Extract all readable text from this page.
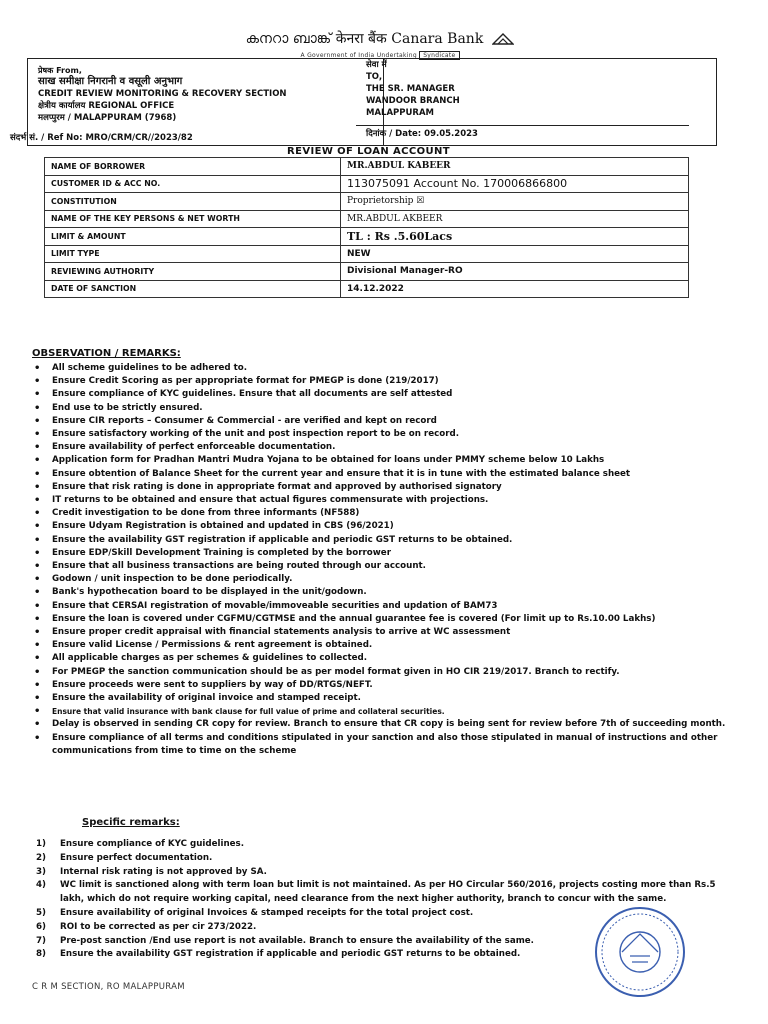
കനറാ ബാങ്ക് केनरा बैंक Canara Bank
A Government of India Undertaking Syndicate
प्रेषक From,
साख समीक्षा निगरानी व वसूली अनुभाग
CREDIT REVIEW MONITORING & RECOVERY SECTION
क्षेत्रीय कार्यालय REGIONAL OFFICE
मलप्पुरम / MALAPPURAM (7968)
संदर्भ सं. / Ref No: MRO/CRM/CR//2023/82
सेवा में
TO,
THE SR. MANAGER
WANDOOR BRANCH
MALAPPURAM
दिनांक / Date: 09.05.2023
REVIEW OF LOAN ACCOUNT
NAME OF BORROWER	MR.ABDUL KABEER
CUSTOMER ID & ACC NO.	113075091 Account No. 170006866800
CONSTITUTION	Proprietorship ☒
NAME OF THE KEY PERSONS & NET WORTH	MR.ABDUL AKBEER
LIMIT & AMOUNT	TL : Rs .5.60Lacs
LIMIT TYPE	NEW
REVIEWING AUTHORITY	Divisional Manager-RO
DATE OF SANCTION	14.12.2022
OBSERVATION / REMARKS:
• All scheme guidelines to be adhered to.
• Ensure Credit Scoring as per appropriate format for PMEGP is done (219/2017)
• Ensure compliance of KYC guidelines. Ensure that all documents are self attested
• End use to be strictly ensured.
• Ensure CIR reports – Consumer & Commercial - are verified and kept on record
• Ensure satisfactory working of the unit and post inspection report to be on record.
• Ensure availability of perfect enforceable documentation.
• Application form for Pradhan Mantri Mudra Yojana to be obtained for loans under PMMY scheme below 10 Lakhs
• Ensure obtention of Balance Sheet for the current year and ensure that it is in tune with the estimated balance sheet
• Ensure that risk rating is done in appropriate format and approved by authorised signatory
• IT returns to be obtained and ensure that actual figures commensurate with projections.
• Credit investigation to be done from three informants (NF588)
• Ensure Udyam Registration is obtained and updated in CBS (96/2021)
• Ensure the availability GST registration if applicable and periodic GST returns to be obtained.
• Ensure EDP/Skill Development Training is completed by the borrower
• Ensure that all business transactions are being routed through our account.
• Godown / unit inspection to be done periodically.
• Bank's hypothecation board to be displayed in the unit/godown.
• Ensure that CERSAI registration of movable/immoveable securities and updation of BAM73
• Ensure the loan is covered under CGFMU/CGTMSE and the annual guarantee fee is covered (For limit up to Rs.10.00 Lakhs)
• Ensure proper credit appraisal with financial statements analysis to arrive at WC assessment
• Ensure valid License / Permissions & rent agreement is obtained.
• All applicable charges as per schemes & guidelines to collected.
• For PMEGP the sanction communication should be as per model format given in HO CIR 219/2017. Branch to rectify.
• Ensure proceeds were sent to suppliers by way of DD/RTGS/NEFT.
• Ensure the availability of original invoice and stamped receipt.
• Ensure that valid insurance with bank clause for full value of prime and collateral securities.
• Delay is observed in sending CR copy for review. Branch to ensure that CR copy is being sent for review before 7th of succeeding month.
• Ensure compliance of all terms and conditions stipulated in your sanction and also those stipulated in manual of instructions and other communications from time to time on the scheme
Specific remarks:
1) Ensure compliance of KYC guidelines.
2) Ensure perfect documentation.
3) Internal risk rating is not approved by SA.
4) WC limit is sanctioned along with term loan but limit is not maintained. As per HO Circular 560/2016, projects costing more than Rs.5 lakh, which do not require working capital, need clearance from the next higher authority, branch to concur with the same.
5) Ensure availability of original Invoices & stamped receipts for the total project cost.
6) ROI to be corrected as per cir 273/2022.
7) Pre-post sanction /End use report is not available. Branch to ensure the availability of the same.
8) Ensure the availability GST registration if applicable and periodic GST returns to be obtained.
C R M SECTION, RO MALAPPURAM
